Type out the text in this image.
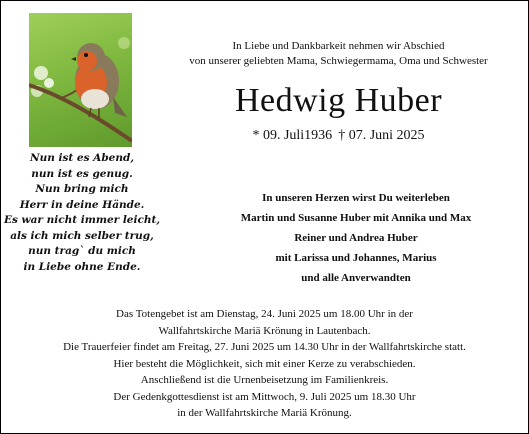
In Liebe und Dankbarkeit nehmen wir Abschied
von unserer geliebten Mama, Schwiegermama, Oma und Schwester
Hedwig Huber
* 09. Juli1936 † 07. Juni 2025
Nun ist es Abend,
nun ist es genug.
Nun bring mich
Herr in deine Hände.
Es war nicht immer leicht,
als ich mich selber trug,
nun trag` du mich
in Liebe ohne Ende.
In unseren Herzen wirst Du weiterleben
Martin und Susanne Huber mit Annika und Max
Reiner und Andrea Huber
mit Larissa und Johannes, Marius
und alle Anverwandten
Das Totengebet ist am Dienstag, 24. Juni 2025 um 18.00 Uhr in der
Wallfahrtskirche Mariä Krönung in Lautenbach.
Die Trauerfeier findet am Freitag, 27. Juni 2025 um 14.30 Uhr in der Wallfahrtskirche statt.
Hier besteht die Möglichkeit, sich mit einer Kerze zu verabschieden.
Anschließend ist die Urnenbeisetzung im Familienkreis.
Der Gedenkgottesdienst ist am Mittwoch, 9. Juli 2025 um 18.30 Uhr
in der Wallfahrtskirche Mariä Krönung.
